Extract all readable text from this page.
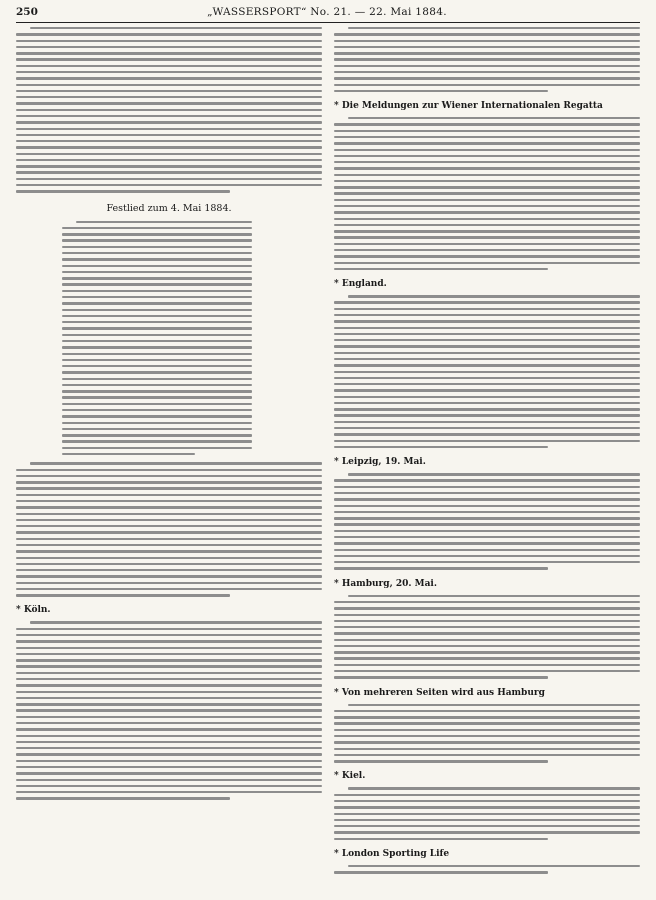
250	„WASSERSPORT“ No. 21. — 22. Mai 1884.
Festlied zum 4. Mai 1884.
* Köln.
* Die Meldungen zur Wiener Internationalen Regatta
* England.
* Leipzig, 19. Mai.
* Hamburg, 20. Mai.
* Von mehreren Seiten wird aus Hamburg
* Kiel.
* London Sporting Life
